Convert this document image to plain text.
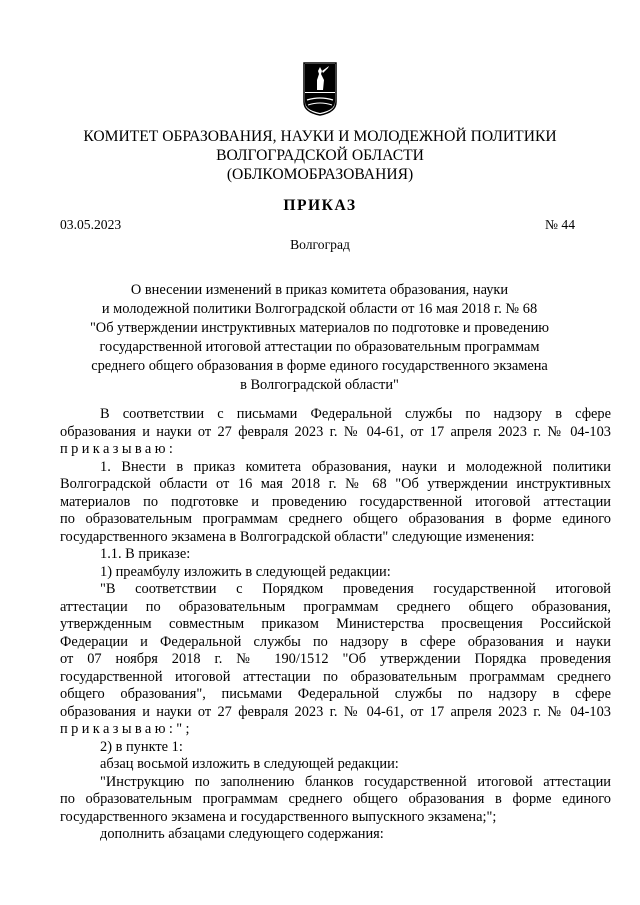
КОМИТЕТ ОБРАЗОВАНИЯ, НАУКИ И МОЛОДЕЖНОЙ ПОЛИТИКИ
ВОЛГОГРАДСКОЙ ОБЛАСТИ
(ОБЛКОМОБРАЗОВАНИЯ)
ПРИКАЗ
03.05.2023	№ 44
Волгоград
О внесении изменений в приказ комитета образования, науки
и молодежной политики Волгоградской области от 16 мая 2018 г. № 68
"Об утверждении инструктивных материалов по подготовке и проведению
государственной итоговой аттестации по образовательным программам
среднего общего образования в форме единого государственного экзамена
в Волгоградской области"
В соответствии с письмами Федеральной службы по надзору в сфере
образования и науки от 27 февраля 2023 г. № 04-61, от 17 апреля 2023 г. № 04-103
приказываю:
1. Внести в приказ комитета образования, науки и молодежной политики
Волгоградской области от 16 мая 2018 г. № 68 "Об утверждении инструктивных
материалов по подготовке и проведению государственной итоговой аттестации
по образовательным программам среднего общего образования в форме единого
государственного экзамена в Волгоградской области" следующие изменения:
1.1. В приказе:
1) преамбулу изложить в следующей редакции:
"В соответствии с Порядком проведения государственной итоговой
аттестации по образовательным программам среднего общего образования,
утвержденным совместным приказом Министерства просвещения Российской
Федерации и Федеральной службы по надзору в сфере образования и науки
от 07 ноября 2018 г. № 190/1512 "Об утверждении Порядка проведения
государственной итоговой аттестации по образовательным программам среднего
общего образования", письмами Федеральной службы по надзору в сфере
образования и науки от 27 февраля 2023 г. № 04-61, от 17 апреля 2023 г. № 04-103
приказываю:";
2) в пункте 1:
абзац восьмой изложить в следующей редакции:
"Инструкцию по заполнению бланков государственной итоговой аттестации
по образовательным программам среднего общего образования в форме единого
государственного экзамена и государственного выпускного экзамена;";
дополнить абзацами следующего содержания:
